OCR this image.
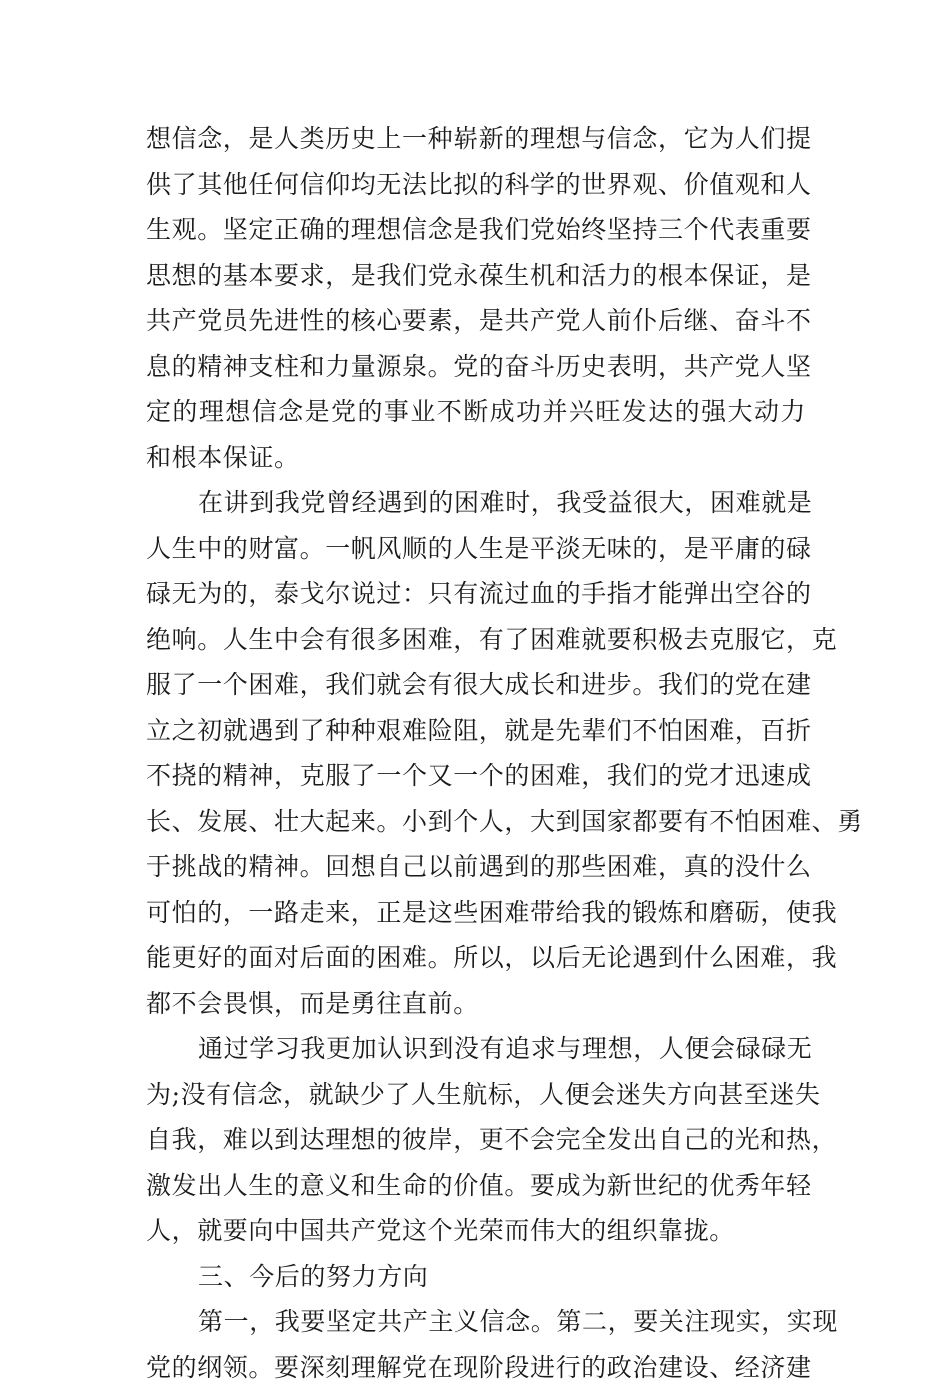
想信念，是人类历史上一种崭新的理想与信念，它为人们提
供了其他任何信仰均无法比拟的科学的世界观、价值观和人
生观。坚定正确的理想信念是我们党始终坚持三个代表重要
思想的基本要求，是我们党永葆生机和活力的根本保证，是
共产党员先进性的核心要素，是共产党人前仆后继、奋斗不
息的精神支柱和力量源泉。党的奋斗历史表明，共产党人坚
定的理想信念是党的事业不断成功并兴旺发达的强大动力
和根本保证。

在讲到我党曾经遇到的困难时，我受益很大，困难就是
人生中的财富。一帆风顺的人生是平淡无味的，是平庸的碌
碌无为的，泰戈尔说过：只有流过血的手指才能弹出空谷的
绝响。人生中会有很多困难，有了困难就要积极去克服它，克
服了一个困难，我们就会有很大成长和进步。我们的党在建
立之初就遇到了种种艰难险阻，就是先辈们不怕困难，百折
不挠的精神，克服了一个又一个的困难，我们的党才迅速成
长、发展、壮大起来。小到个人，大到国家都要有不怕困难、勇
于挑战的精神。回想自己以前遇到的那些困难，真的没什么
可怕的，一路走来，正是这些困难带给我的锻炼和磨砺，使我
能更好的面对后面的困难。所以，以后无论遇到什么困难，我
都不会畏惧，而是勇往直前。

通过学习我更加认识到没有追求与理想，人便会碌碌无
为;没有信念，就缺少了人生航标，人便会迷失方向甚至迷失
自我，难以到达理想的彼岸，更不会完全发出自己的光和热，
激发出人生的意义和生命的价值。要成为新世纪的优秀年轻
人，就要向中国共产党这个光荣而伟大的组织靠拢。

三、今后的努力方向

第一，我要坚定共产主义信念。第二，要关注现实，实现
党的纲领。要深刻理解党在现阶段进行的政治建设、经济建
